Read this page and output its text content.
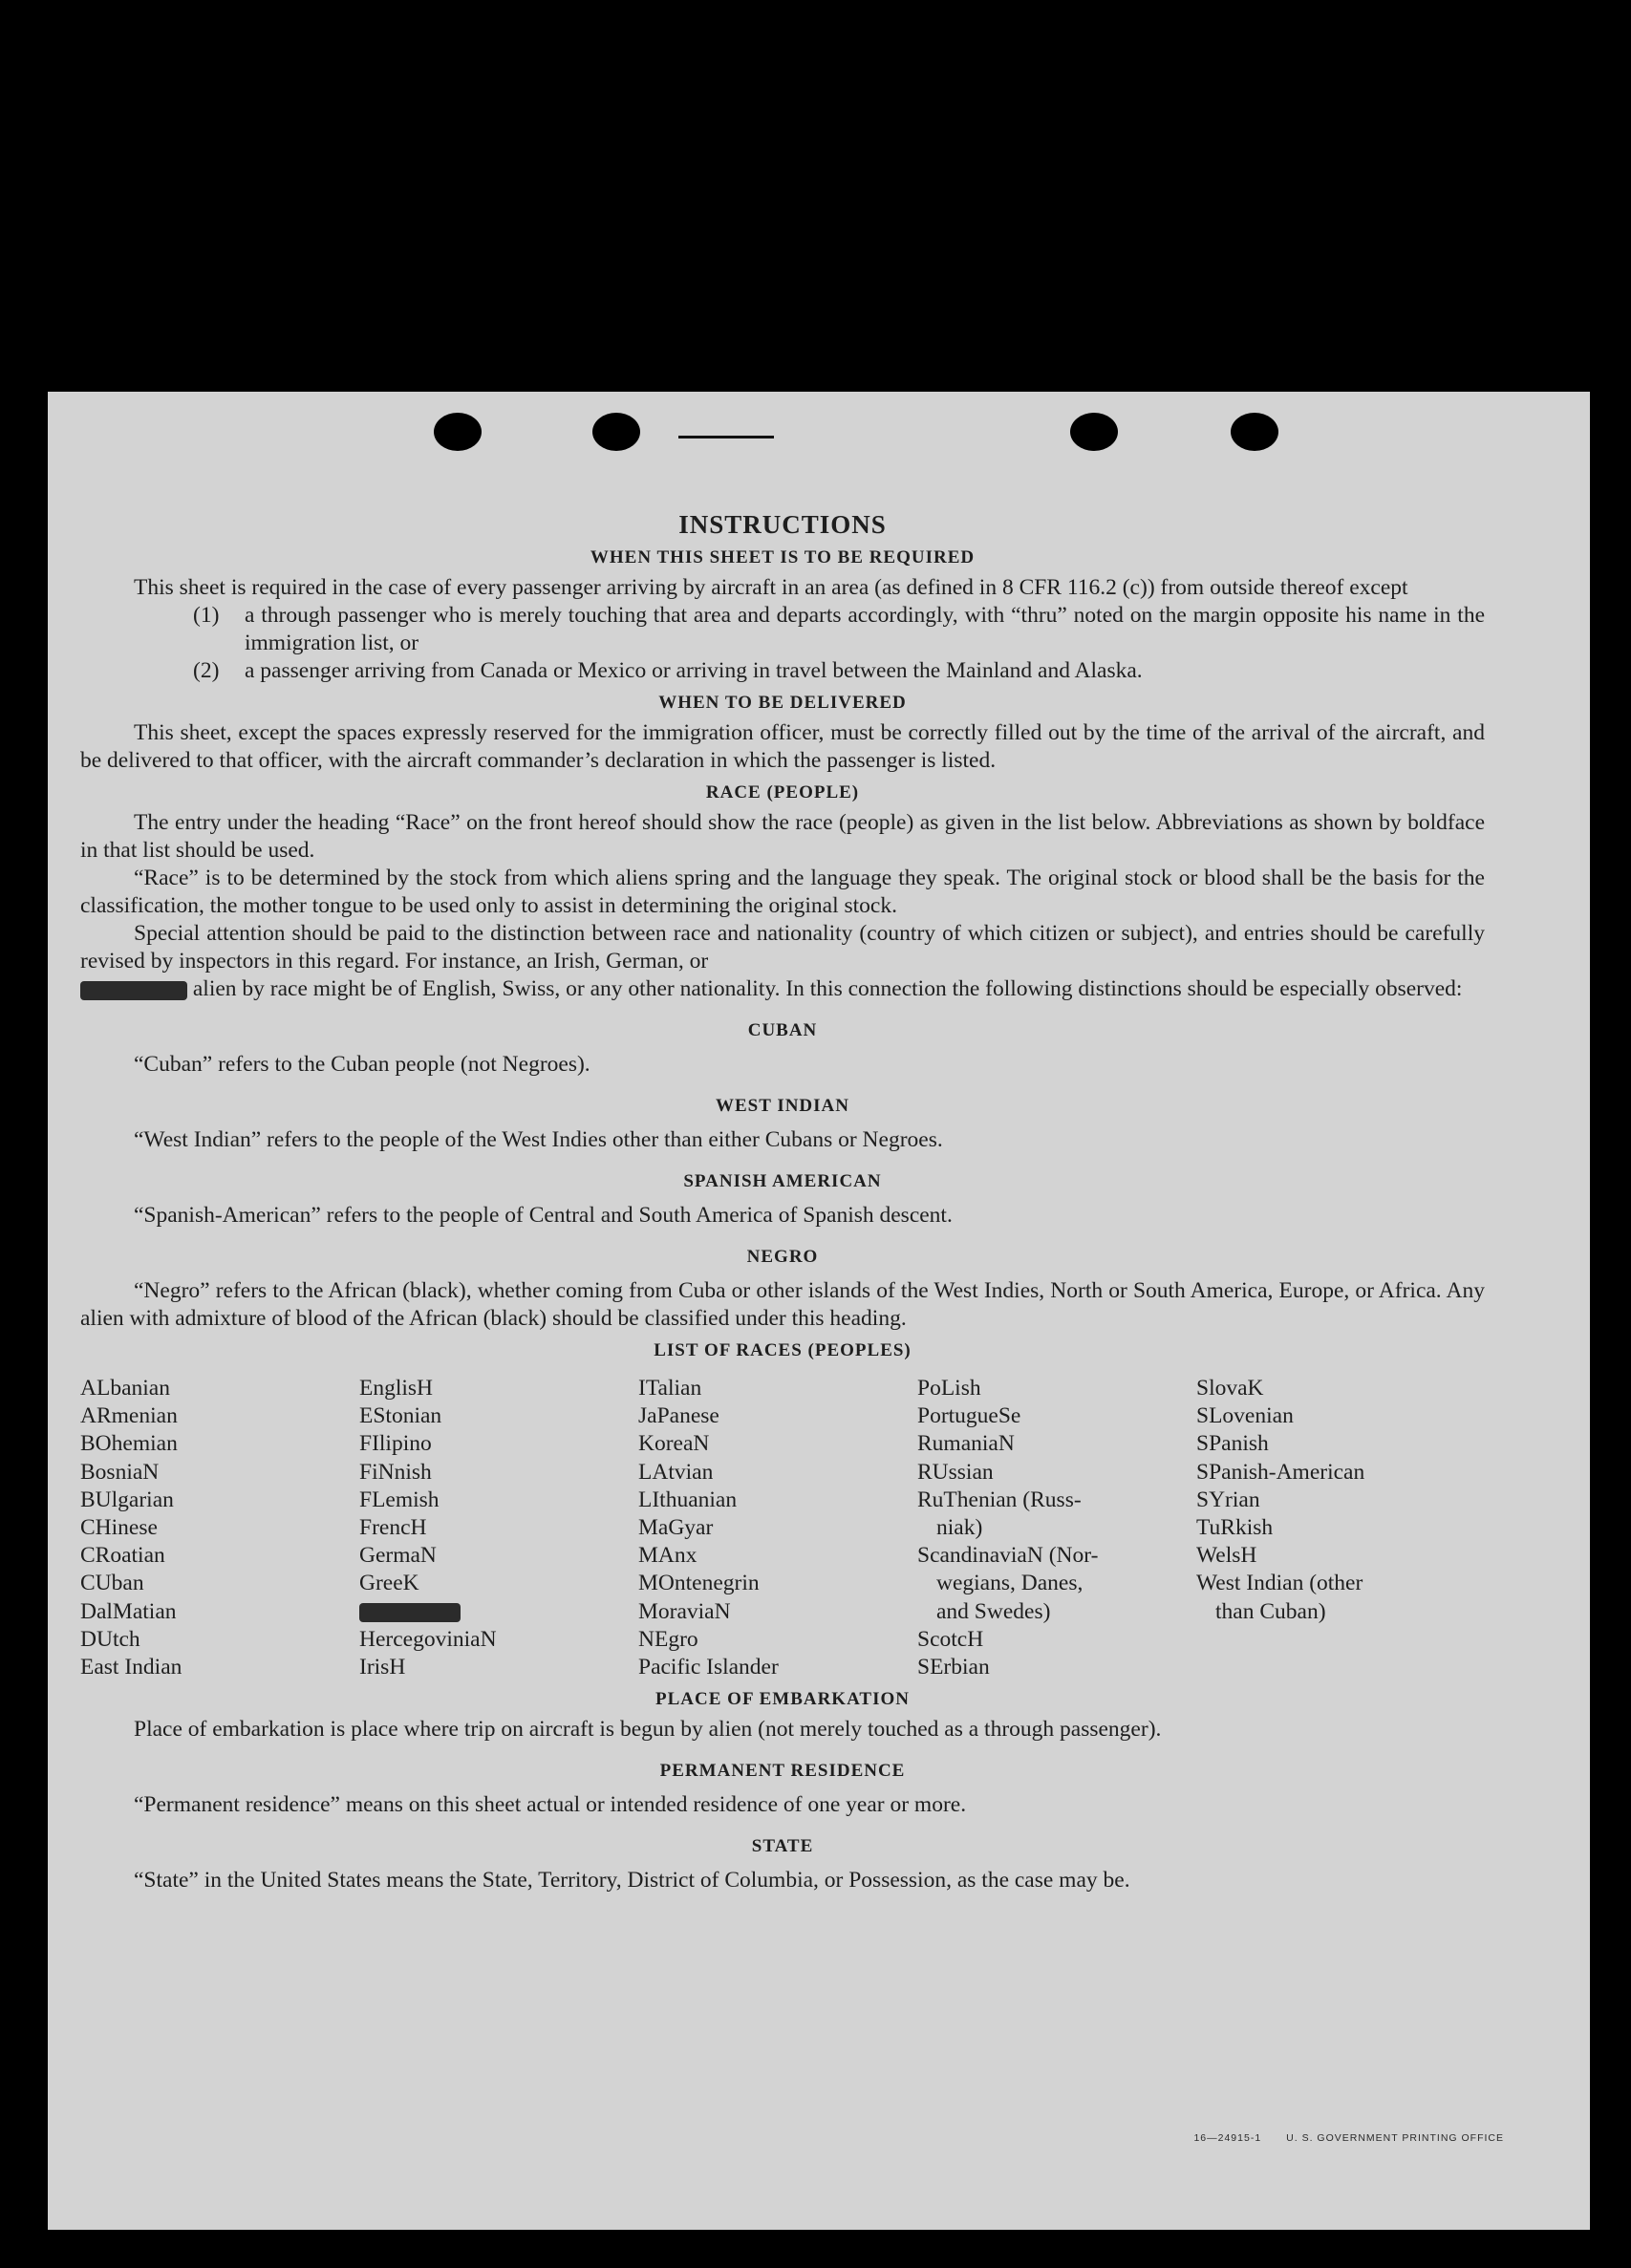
INSTRUCTIONS
WHEN THIS SHEET IS TO BE REQUIRED

This sheet is required in the case of every passenger arriving by aircraft in an area (as defined in 8 CFR 116.2 (c)) from outside thereof except

(1)	a through passenger who is merely touching that area and departs accordingly, with “thru” noted on the margin opposite his name in the immigration list, or
(2)	a passenger arriving from Canada or Mexico or arriving in travel between the Mainland and Alaska.
WHEN TO BE DELIVERED

This sheet, except the spaces expressly reserved for the immigration officer, must be correctly filled out by the time of the arrival of the aircraft, and be delivered to that officer, with the aircraft commander’s declaration in which the passenger is listed.

RACE (PEOPLE)

The entry under the heading “Race” on the front hereof should show the race (people) as given in the list below. Abbreviations as shown by boldface in that list should be used.

“Race” is to be determined by the stock from which aliens spring and the language they speak. The original stock or blood shall be the basis for the classification, the mother tongue to be used only to assist in determining the original stock.

Special attention should be paid to the distinction between race and nationality (country of which citizen or subject), and entries should be carefully revised by inspectors in this regard. For instance, an Irish, German, or

alien by race might be of English, Swiss, or any other nationality. In this connection the following distinctions should be especially observed:

CUBAN

“Cuban” refers to the Cuban people (not Negroes).

WEST INDIAN

“West Indian” refers to the people of the West Indies other than either Cubans or Negroes.

SPANISH AMERICAN

“Spanish-American” refers to the people of Central and South America of Spanish descent.

NEGRO

“Negro” refers to the African (black), whether coming from Cuba or other islands of the West Indies, North or South America, Europe, or Africa. Any alien with admixture of blood of the African (black) should be classified under this heading.

LIST OF RACES (PEOPLES)
ALbanian
ARmenian
BOhemian
BosniaN
BUlgarian
CHinese
CRoatian
CUban
DalMatian
DUtch
East Indian
EnglisH
EStonian
FIlipino
FiNnish
FLemish
FrencH
GermaN
GreeK
HercegoviniaN
IrisH
ITalian
JaPanese
KoreaN
LAtvian
LIthuanian
MaGyar
MAnx
MOntenegrin
MoraviaN
NEgro
Pacific Islander
PoLish
PortugueSe
RumaniaN
RUssian
RuThenian (Russ-
niak)
ScandinaviaN (Nor-
wegians, Danes,
and Swedes)
ScotcH
SErbian
SlovaK
SLovenian
SPanish
SPanish-American
SYrian
TuRkish
WelsH
West Indian (other
than Cuban)
PLACE OF EMBARKATION

Place of embarkation is place where trip on aircraft is begun by alien (not merely touched as a through passenger).

PERMANENT RESIDENCE

“Permanent residence” means on this sheet actual or intended residence of one year or more.

STATE

“State” in the United States means the State, Territory, District of Columbia, or Possession, as the case may be.

16—24915-1 U. S. GOVERNMENT PRINTING OFFICE
